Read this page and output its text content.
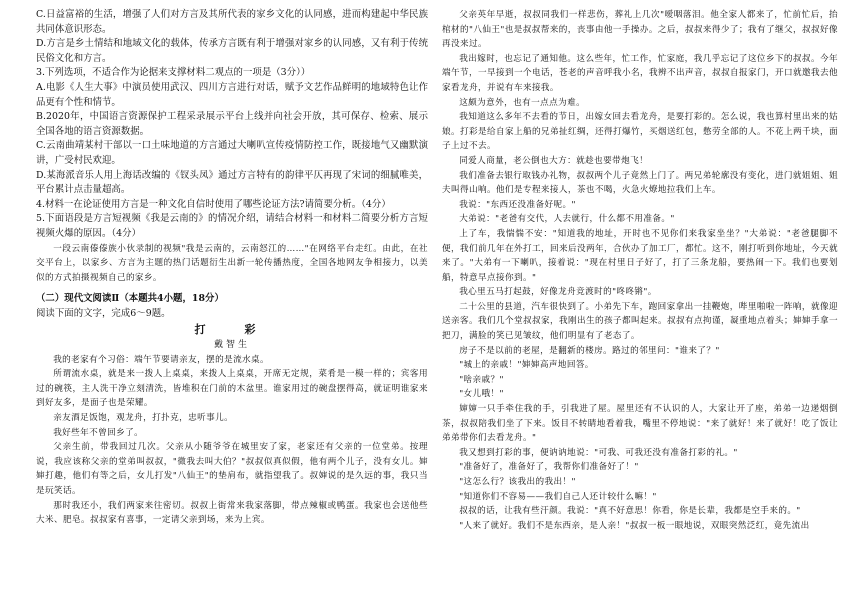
C.日益富裕的生活，增强了人们对方言及其所代表的家乡文化的认同感，进而构建起中华民族共同体意识形态。

D.方言是乡土情结和地域文化的载体，传承方言既有利于增强对家乡的认同感，又有利于传统民俗文化和方言。

3.下列选项，不适合作为论据来支撑材料二观点的一项是（3分））

A.电影《人生大事》中演员使用武汉、四川方言进行对话，赋予文艺作品鲜明的地域特色让作品更有个性和情节。

B.2020年，中国语言资源保护工程采录展示平台上线并向社会开放，其可保存、检索、展示全国各地的语言资源数据。

C.云南曲靖某村干部以一口土味地道的方言通过大喇叭宣传疫情防控工作，既接地气又幽默演讲，广受村民欢迎。

D.某海派音乐人用上海话改编的《钗头凤》通过方言特有的韵律平仄再现了宋词的细腻唯美，平台累计点击量超高。

4.材料一在论证使用方言是一种文化自信时使用了哪些论证方法?请简要分析。（4分）

5.下面语段是方言短视频《我是云南的》的情况介绍，请结合材料一和材料二简要分析方言短视频火爆的原因。（4分）

一段云南傣傣族小伙录制的视频"我是云南的，云南怒江的……"在网络平台走红。由此，在社交平台上，以家乡、方言为主题的热门话题衍生出新一轮传播热度，全国各地网友争相接力，以美似的方式拍摄视频自己的家乡。

（二）现代文阅读Ⅱ（本题共4小题，18分）

阅读下面的文字，完成6～9题。

打　彩

戴智生

我的老家有个习俗：端午节要请亲友，摆的是流水桌。

所谓流水桌，就是来一拨人上桌桌，来拨人上桌桌，开席无定规，菜肴是一模一样的；宾客用过的碗筷，主人洗干净立刻清洗，皆堆积在门前的木盆里。谁家用过的碗盘摆得高，就证明谁家来到好友多，是面子也是荣耀。

亲友酒足饭饱，观龙舟，打扑克，忠听事儿。

我好些年不曾回乡了。

父亲生前，带我回过几次。父亲从小随爷爷在城里安了家，老家还有父亲的一位堂弟。按理说，我应该称父亲的堂弟叫叔叔，"微我去叫大伯？"叔叔似真似假，他有两个儿子，没有女儿。婶婶打趣，他们有等之后，女儿打发"八仙王"的垫肩布，就指望我了。叔婶说的是久远的事，我只当是玩笑话。

那时我还小，我们两家来往密切。叔叔上街常来我家落脚，带点辣椒或鸭蛋。我家也会送他些大米、肥皂。叔叔家有喜事，一定请父亲到场，来为上宾。

父亲英年早逝，叔叔同我们一样悲伤，葬礼上几次"嗳咽落泪。他全家人都来了，忙前忙后，抬棺材的"八仙王"也是叔叔帮来的，丧事由他一手操办。之后，叔叔来得少了；我有了继父，叔叔好像再没来过。

我出嫁时，也忘记了通知他。这么些年，忙工作，忙家庭，我几乎忘记了这位乡下的叔叔。今年端午节，一早接到一个电话，苍老的声音呼我小名，我辨不出声音，叔叔自报家门，开口就邀我去他家看龙舟，并说有车来接我。

这颇为意外，也有一点点为难。

我知道这么多年不去看的节日，出嫁女回去看龙舟，是要打彩的。怎么说，我也算村里出来的姑娘。打彩是给自家上船的兄弟扯红绸，还得打爆竹，买烟送红包，憋劳全部的人。不花上两千块，面子上过不去。

同爱人商量，老公倒也大方：就趁也要带炮飞！

我们准备去银行取钱办礼物，叔叔两个儿子竟然上门了。两兄弟轮廓没有变化，进门就姐姐、姐夫叫得山响。他们是专程来接人，茶也不喝，火急火燎地拉我们上车。

我说："东西还没准备好呢。"

大弟说："老爸有交代，人去就行，什么都不用准备。"

上了车，我惴惴不安："知道我的地址，开时也不见你们来我家坐坐？"大弟说："老爸腿脚不便，我们前几年在外打工，回来后没两年，合伙办了加工厂，都忙。这不，刚打听到你地址，今天就来了。"大弟有一下喇叭，接着说："现在村里日子好了，打了三条龙船，要热闹一下。我们也要划船，特意早点接你到。"

我心里五马打起鼓，好像龙舟竞渡时的"咚咚锵"。

二十公里的县道，汽车很快到了。小弟先下车，跑回家拿出一挂鞭炮，哔里啪啦一阵响，就像迎送亲客。我们几个堂叔叔家，我刚出生的孩子都叫起来。叔叔有点拘谨，凝重地点着头；婶婶手拿一把刀，满脸的笑已见皱纹，他们明显有了老态了。

房子不是以前的老屋，是翻新的楼房。路过的邻里问："谁来了？"

"城上的亲戚！"婶婶高声地回答。

"啥亲戚？"

"女儿哦！"

婶婶一只手牵住我的手，引我进了屋。屋里还有不认识的人，大家让开了座，弟弟一边递烟倒茶，叔叔陪我们坐了下来。饭目不转睛地看着我，嘴里不停地说："来了就好！来了就好！吃了饭让弟弟带你们去看龙舟。"

我又想到打彩的事，便讷讷地说："可我、可我还没有准备打彩的礼。"

"准备好了，准备好了，我帮你们准备好了！"

"这怎么行？该我出的我出！"

"知道你们不容易——我们自己人还计较什么嘛！"

叔叔的话，让我有些汗颜。我说："真不好意思！你看，你是长辈，我都是空手来的。"

"人来了就好。我们不是东西亲，是人亲！"叔叔一板一眼地说，双眼突然泛红，竟先流出
